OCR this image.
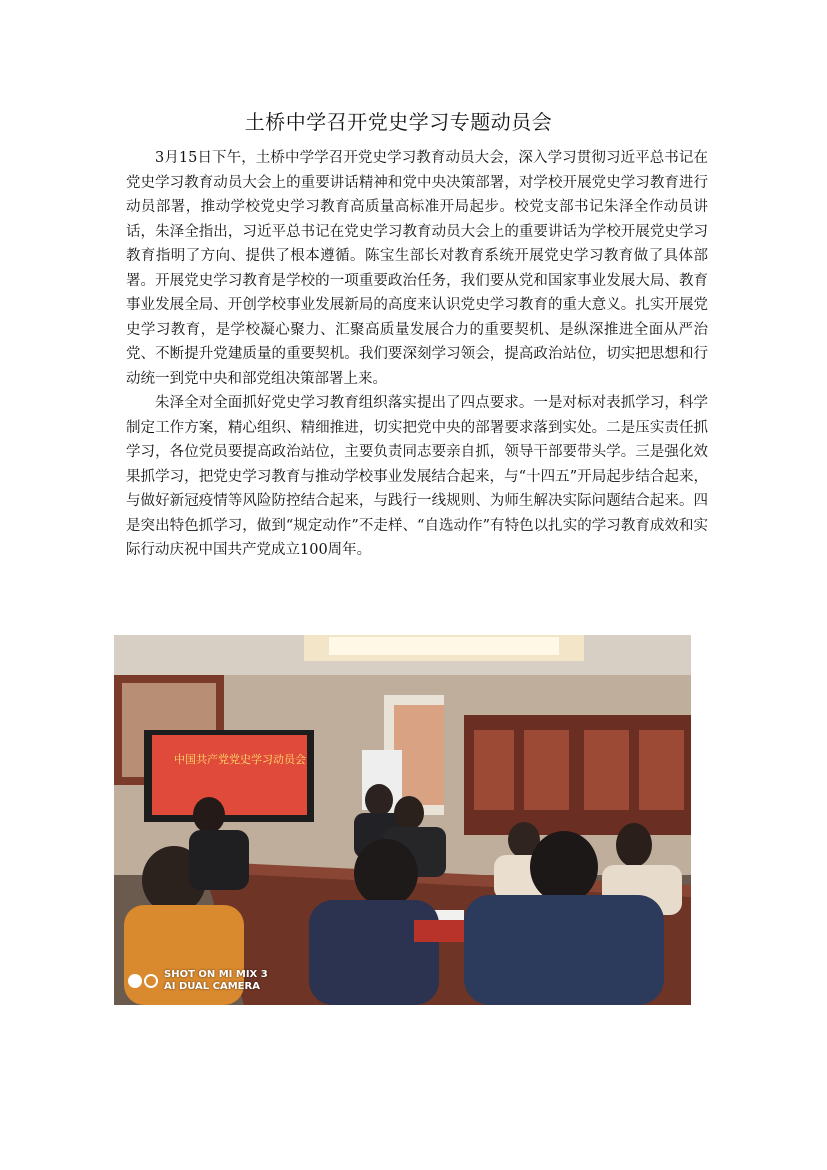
土桥中学召开党史学习专题动员会

3月15日下午，土桥中学学召开党史学习教育动员大会，深入学习贯彻习近平总书记在党史学习教育动员大会上的重要讲话精神和党中央决策部署，对学校开展党史学习教育进行动员部署，推动学校党史学习教育高质量高标准开局起步。校党支部书记朱泽全作动员讲话，朱泽全指出，习近平总书记在党史学习教育动员大会上的重要讲话为学校开展党史学习教育指明了方向、提供了根本遵循。陈宝生部长对教育系统开展党史学习教育做了具体部署。开展党史学习教育是学校的一项重要政治任务，我们要从党和国家事业发展大局、教育事业发展全局、开创学校事业发展新局的高度来认识党史学习教育的重大意义。扎实开展党史学习教育，是学校凝心聚力、汇聚高质量发展合力的重要契机、是纵深推进全面从严治党、不断提升党建质量的重要契机。我们要深刻学习领会，提高政治站位，切实把思想和行动统一到党中央和部党组决策部署上来。

朱泽全对全面抓好党史学习教育组织落实提出了四点要求。一是对标对表抓学习，科学制定工作方案，精心组织、精细推进，切实把党中央的部署要求落到实处。二是压实责任抓学习，各位党员要提高政治站位，主要负责同志要亲自抓，领导干部要带头学。三是强化效果抓学习，把党史学习教育与推动学校事业发展结合起来，与“十四五”开局起步结合起来，与做好新冠疫情等风险防控结合起来，与践行一线规则、为师生解决实际问题结合起来。四是突出特色抓学习，做到“规定动作”不走样、“自选动作”有特色以扎实的学习教育成效和实际行动庆祝中国共产党成立100周年。

中国共产党党史学习动员会
SHOT ON MI MIX 3
AI DUAL CAMERA
